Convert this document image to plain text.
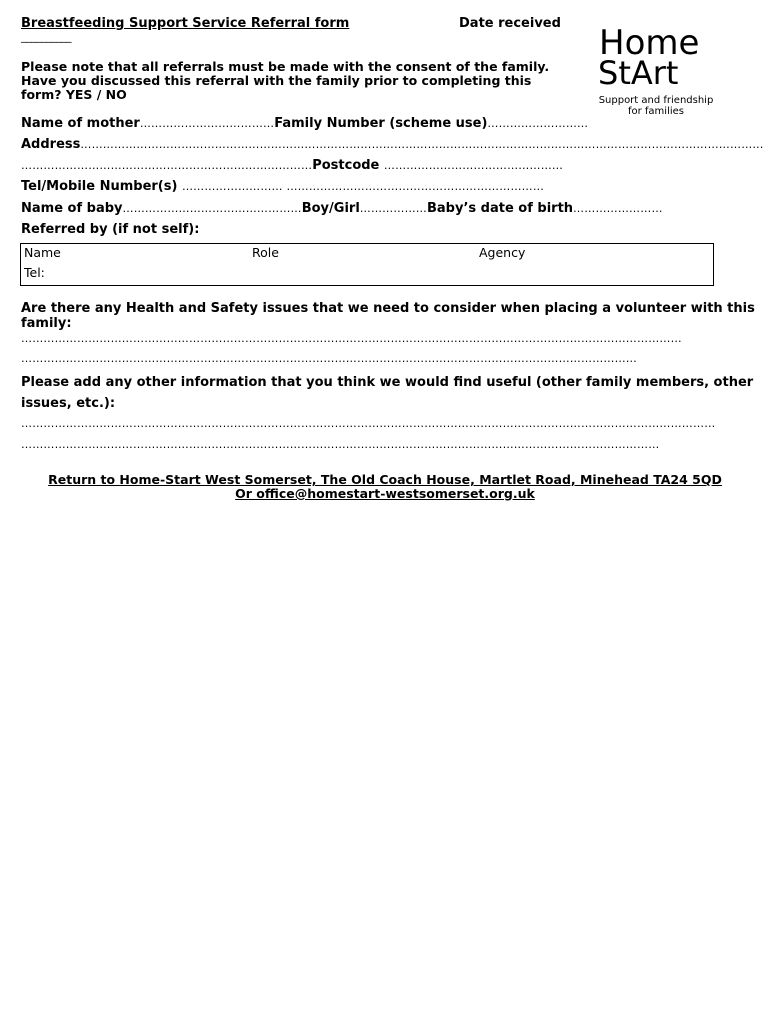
Breastfeeding Support Service Referral form	Date received
__________
Please note that all referrals must be made with the consent of the family.
Have you discussed this referral with the family prior to completing this
form? YES / NO
Home
StArt
Support and friendship
for families
Name of mother………………………………Family Number (scheme use)………………………
Address…………………………………………………………………………………………………………………………………………………………………
……………………………………………………………………Postcode …………………………………………
Tel/Mobile Number(s) ……………………… ……………………………………………………………
Name of baby…………………………………………Boy/Girl………………Baby’s date of birth……………………
Referred by (if not self):
Name	Role	Agency
Tel:
Are there any Health and Safety issues that we need to consider when placing a volunteer with this
family:
……………………………………………………………………………………………………………………………………………………………
…………………………………………………………………………………………………………………………………………………
Please add any other information that you think we would find useful (other family members, other
issues, etc.):
……………………………………………………………………………………………………………………………………………………………………
………………………………………………………………………………………………………………………………………………………
Return to Home-Start West Somerset, The Old Coach House, Martlet Road, Minehead TA24 5QD
Or office@homestart-westsomerset.org.uk
